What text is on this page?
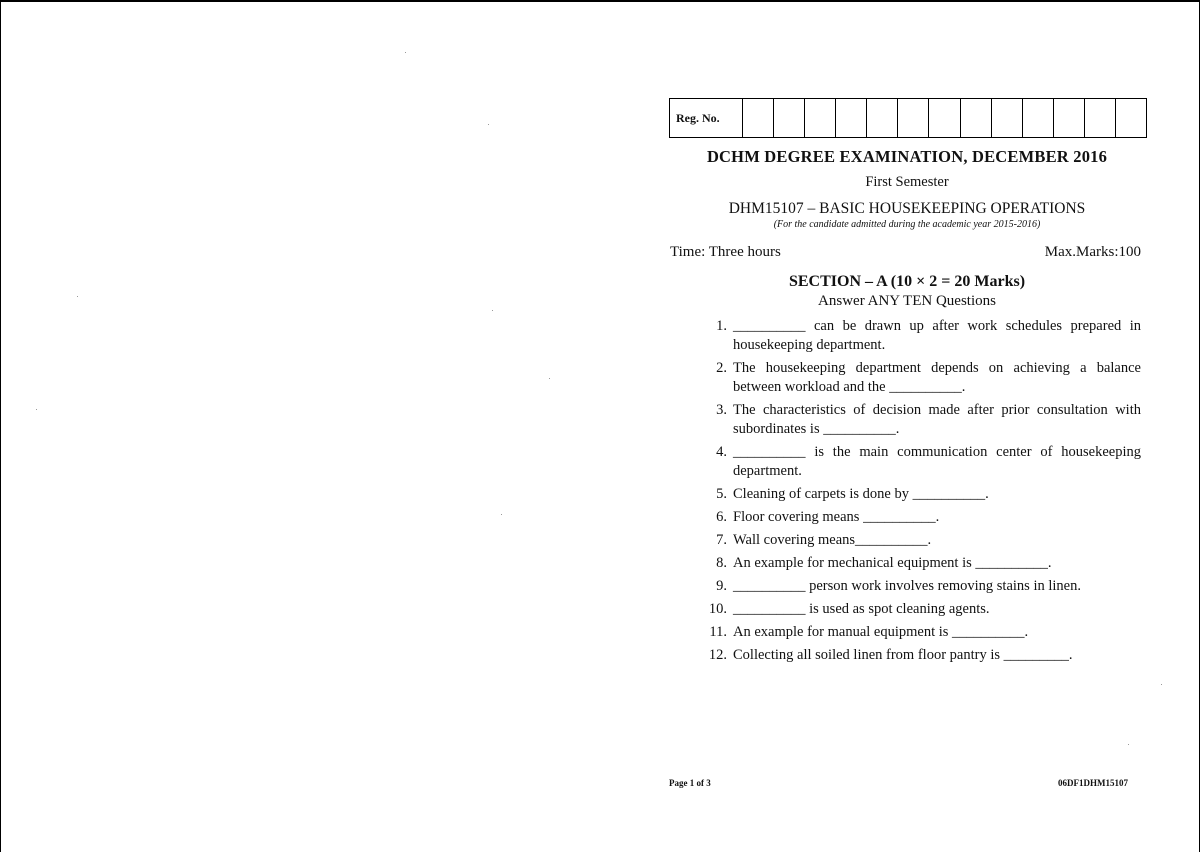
Reg. No.
DCHM DEGREE EXAMINATION, DECEMBER 2016
First Semester
DHM15107 – BASIC HOUSEKEEPING OPERATIONS
(For the candidate admitted during the academic year 2015-2016)
Time: Three hours	Max.Marks:100
SECTION – A (10 × 2 = 20 Marks)
Answer ANY TEN Questions
1. __________ can be drawn up after work schedules prepared in housekeeping department.
2. The housekeeping department depends on achieving a balance between workload and the __________.
3. The characteristics of decision made after prior consultation with subordinates is __________.
4. __________ is the main communication center of housekeeping department.
5. Cleaning of carpets is done by __________.
6. Floor covering means __________.
7. Wall covering means__________.
8. An example for mechanical equipment is __________.
9. __________ person work involves removing stains in linen.
10. __________ is used as spot cleaning agents.
11. An example for manual equipment is __________.
12. Collecting all soiled linen from floor pantry is _________.
Page 1 of 3	06DF1DHM15107
